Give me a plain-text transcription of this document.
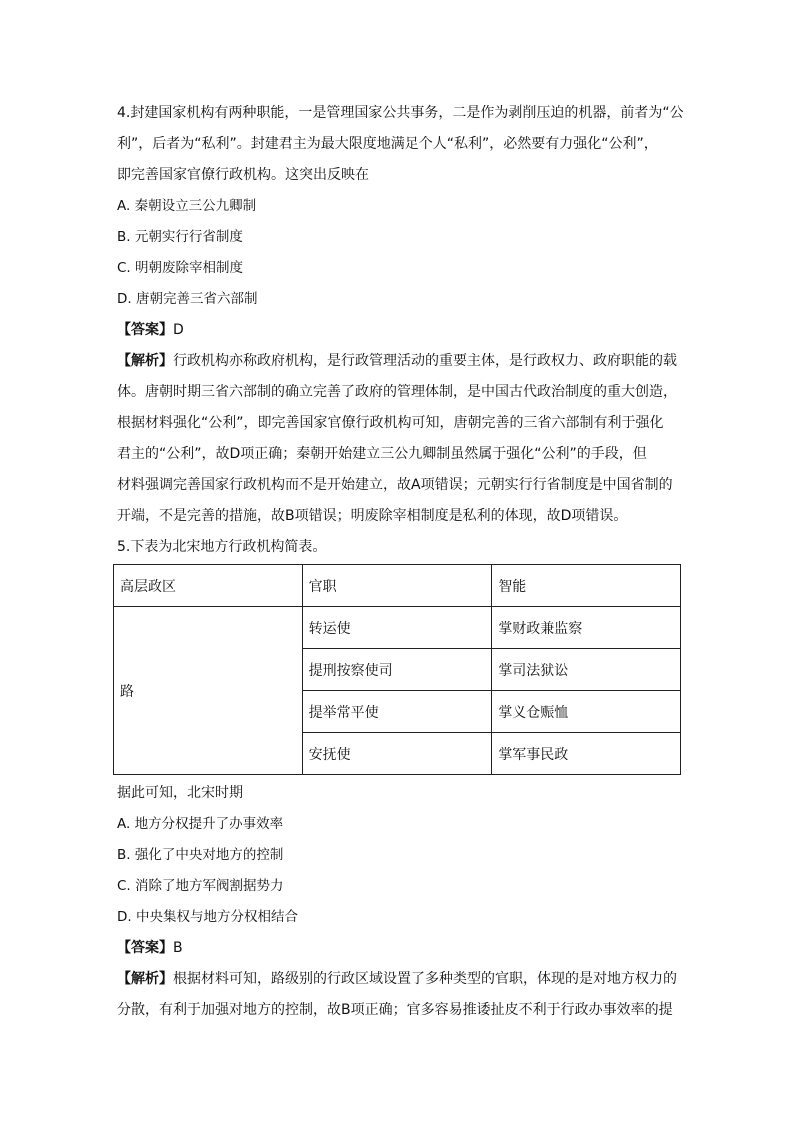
4.封建国家机构有两种职能，一是管理国家公共事务，二是作为剥削压迫的机器，前者为“公
利”，后者为“私利”。封建君主为最大限度地满足个人“私利”，必然要有力强化“公利”，
即完善国家官僚行政机构。这突出反映在
A. 秦朝设立三公九卿制
B. 元朝实行行省制度
C. 明朝废除宰相制度
D. 唐朝完善三省六部制
【答案】D
【解析】行政机构亦称政府机构，是行政管理活动的重要主体，是行政权力、政府职能的载
体。唐朝时期三省六部制的确立完善了政府的管理体制，是中国古代政治制度的重大创造，
根据材料强化“公利”，即完善国家官僚行政机构可知，唐朝完善的三省六部制有利于强化
君主的“公利”，故D项正确；秦朝开始建立三公九卿制虽然属于强化“公利”的手段，但
材料强调完善国家行政机构而不是开始建立，故A项错误；元朝实行行省制度是中国省制的
开端，不是完善的措施，故B项错误；明废除宰相制度是私利的体现，故D项错误。
5.下表为北宋地方行政机构简表。
高层政区	官职	智能
路	转运使	掌财政兼监察
	提刑按察使司	掌司法狱讼
	提举常平使	掌义仓赈恤
	安抚使	掌军事民政
据此可知，北宋时期
A. 地方分权提升了办事效率
B. 强化了中央对地方的控制
C. 消除了地方军阀割据势力
D. 中央集权与地方分权相结合
【答案】B
【解析】根据材料可知，路级别的行政区域设置了多种类型的官职，体现的是对地方权力的
分散，有利于加强对地方的控制，故B项正确；官多容易推诿扯皮不利于行政办事效率的提
